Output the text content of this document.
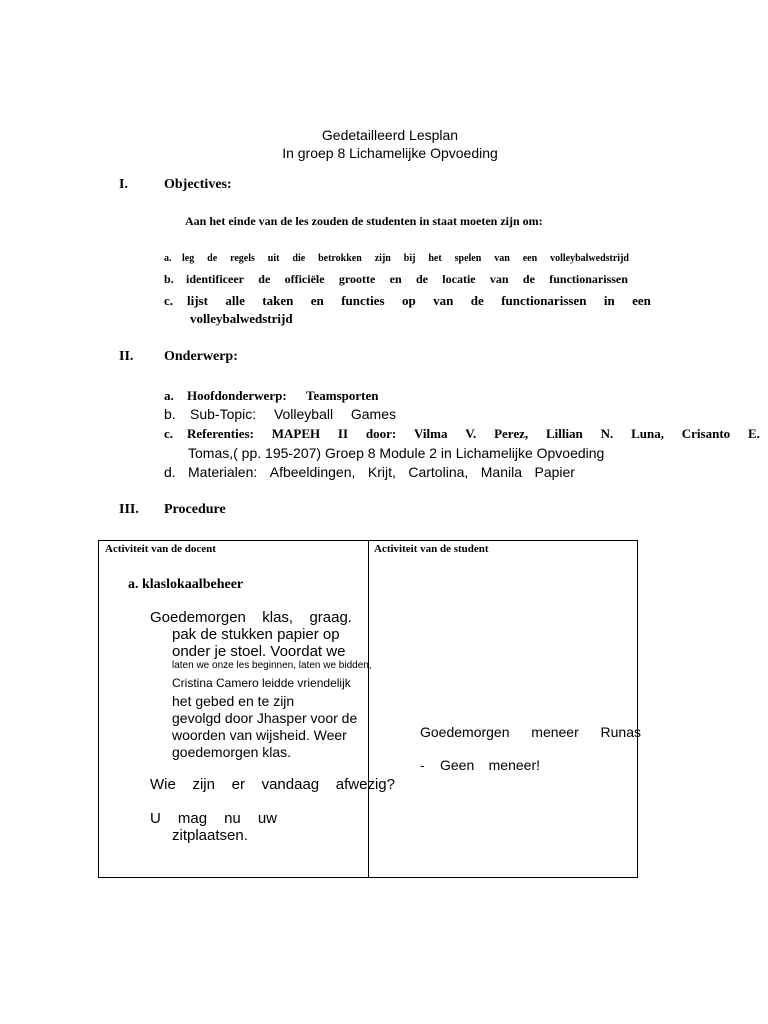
Gedetailleerd Lesplan
In groep 8 Lichamelijke Opvoeding
I.	Objectives:
Aan het einde van de les zouden de studenten in staat moeten zijn om:
a. leg de regels uit die betrokken zijn bij het spelen van een volleybalwedstrijd
b. identificeer de officiële grootte en de locatie van de functionarissen
c. lijst alle taken en functies op van de functionarissen in een
volleybalwedstrijd
II. Onderwerp:
a. Hoofdonderwerp: Teamsporten
b. Sub-Topic: Volleyball Games
c. Referenties: MAPEH II door: Vilma V. Perez, Lillian N. Luna, Crisanto E.
Tomas,( pp. 195-207) Groep 8 Module 2 in Lichamelijke Opvoeding
d. Materialen: Afbeeldingen, Krijt, Cartolina, Manila Papier
III. Procedure
Activiteit van de docent	Activiteit van de student
a. klaslokaalbeheer
Goedemorgen klas, graag.
pak de stukken papier op
onder je stoel. Voordat we
laten we onze les beginnen, laten we bidden,
Cristina Camero leidde vriendelijk
het gebed en te zijn
gevolgd door Jhasper voor de
woorden van wijsheid. Weer
goedemorgen klas.
Wie zijn er vandaag afwezig?
U mag nu uw
zitplaatsen.
Goedemorgen meneer Runas
- Geen meneer!
